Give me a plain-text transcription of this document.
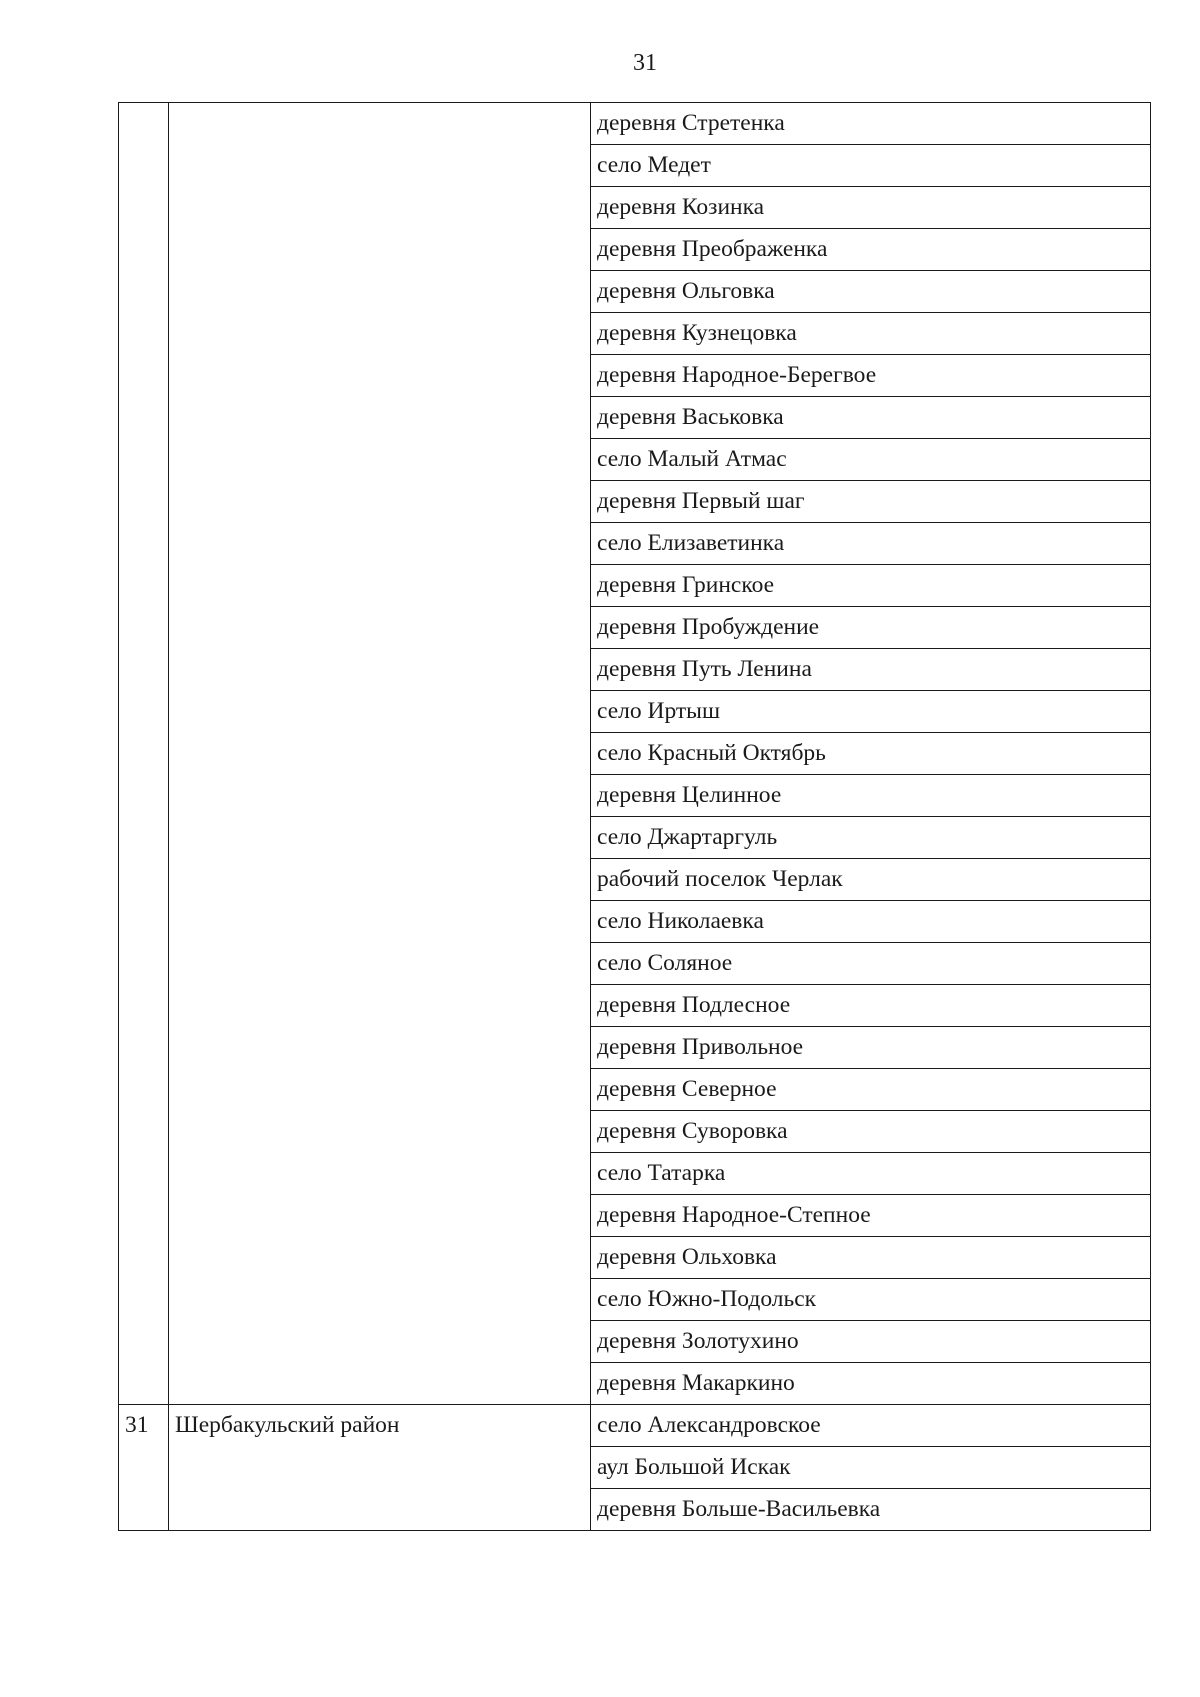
31
		деревня Стретенка
		село Медет
		деревня Козинка
		деревня Преображенка
		деревня Ольговка
		деревня Кузнецовка
		деревня Народное-Берегвое
		деревня Васьковка
		село Малый Атмас
		деревня Первый шаг
		село Елизаветинка
		деревня Гринское
		деревня Пробуждение
		деревня Путь Ленина
		село Иртыш
		село Красный Октябрь
		деревня Целинное
		село Джартаргуль
		рабочий поселок Черлак
		село Николаевка
		село Соляное
		деревня Подлесное
		деревня Привольное
		деревня Северное
		деревня Суворовка
		село Татарка
		деревня Народное-Степное
		деревня Ольховка
		село Южно-Подольск
		деревня Золотухино
		деревня Макаркино
31	Шербакульский район	село Александровское
		аул Большой Искак
		деревня Больше-Васильевка
